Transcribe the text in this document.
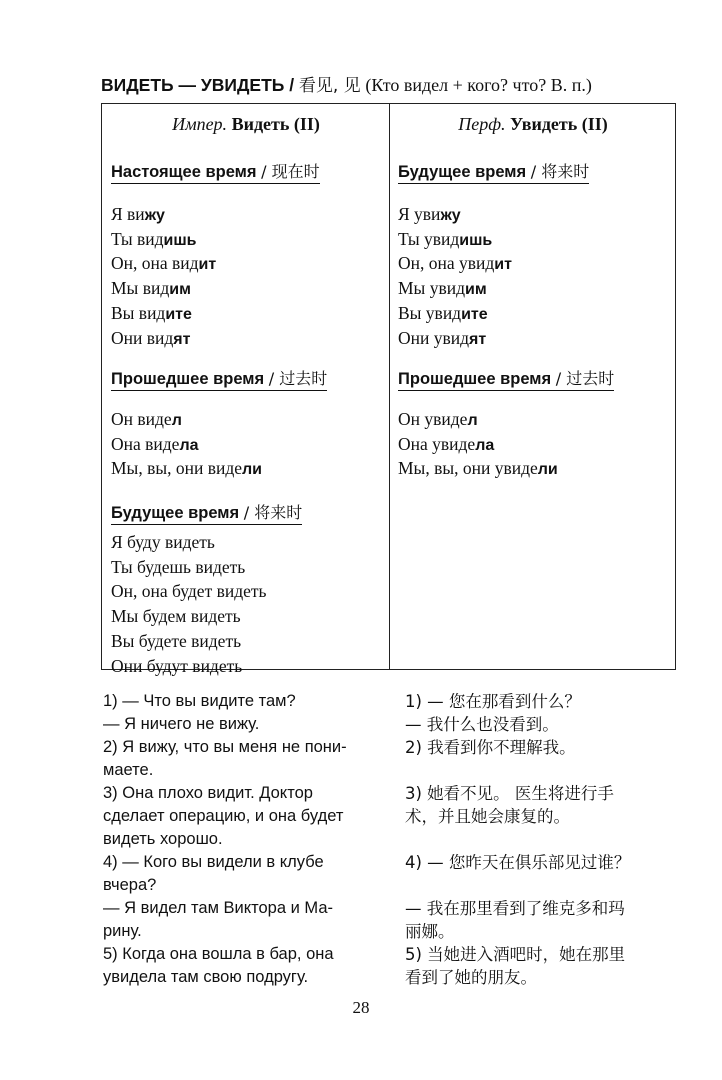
ВИДЕТЬ — УВИДЕТЬ / 看见, 见 (Кто видел + кого? что? В. п.)
Импер. Видеть (II)
Настоящее время / 现在时
Я вижу
Ты видишь
Он, она видит
Мы видим
Вы видите
Они видят
Прошедшее время / 过去时
Он видел
Она видела
Мы, вы, они видели
Будущее время / 将来时
Я буду видеть
Ты будешь видеть
Он, она будет видеть
Мы будем видеть
Вы будете видеть
Они будут видеть
Перф. Увидеть (II)
Будущее время / 将来时
Я увижу
Ты увидишь
Он, она увидит
Мы увидим
Вы увидите
Они увидят
Прошедшее время / 过去时
Он увидел
Она увидела
Мы, вы, они увидели
1) — Что вы видите там?
— Я ничего не вижу.
2) Я вижу, что вы меня не пони-
маете.
3) Она плохо видит. Доктор
сделает операцию, и она будет
видеть хорошо.
4) — Кого вы видели в клубе
вчера?
— Я видел там Виктора и Ма-
рину.
5) Когда она вошла в бар, она
увидела там свою подругу.
1) — 您在那看到什么？
— 我什么也没看到。
2) 我看到你不理解我。

3) 她看不见。 医生将进行手
术，并且她会康复的。

4) — 您昨天在俱乐部见过谁？

— 我在那里看到了维克多和玛
丽娜。
5) 当她进入酒吧时，她在那里
看到了她的朋友。
28
